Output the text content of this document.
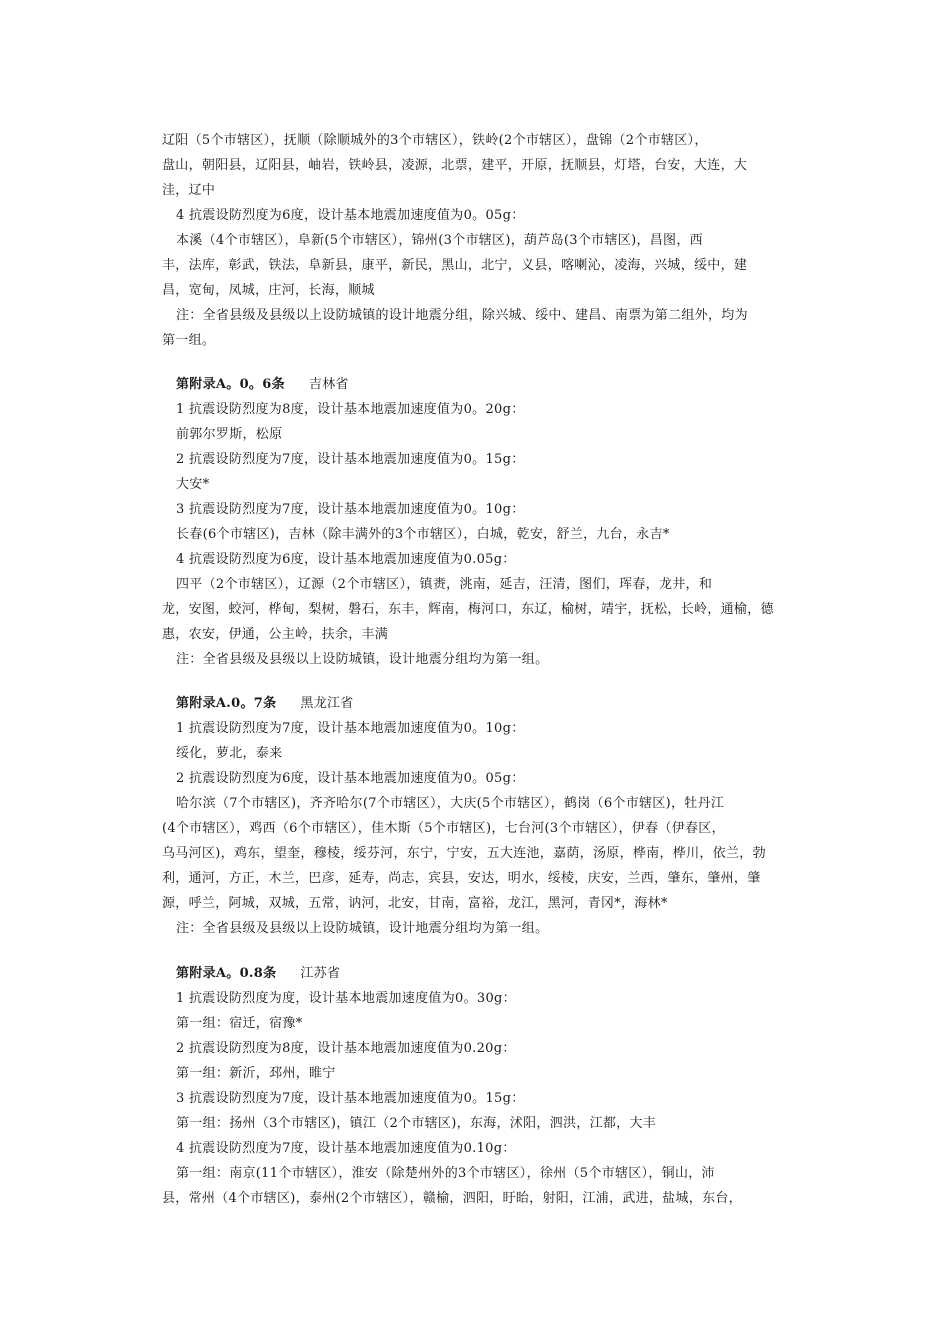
辽阳（5个市辖区），抚顺（除顺城外的3个市辖区），铁岭(2个市辖区），盘锦（2个市辖区），
盘山，朝阳县，辽阳县，岫岩，铁岭县，凌源，北票，建平，开原，抚顺县，灯塔，台安，大连，大
洼，辽中
4 抗震设防烈度为6度，设计基本地震加速度值为0。05g：
本溪（4个市辖区），阜新(5个市辖区），锦州(3个市辖区)，葫芦岛(3个市辖区)，昌图，西
丰，法库，彰武，铁法，阜新县，康平，新民，黑山，北宁，义县，喀喇沁，凌海，兴城，绥中，建
昌，宽甸，凤城，庄河，长海，顺城
注：全省县级及县级以上设防城镇的设计地震分组，除兴城、绥中、建昌、南票为第二组外，均为
第一组。
第附录A。0。6条 吉林省
1 抗震设防烈度为8度，设计基本地震加速度值为0。20g：
前郭尔罗斯，松原
2 抗震设防烈度为7度，设计基本地震加速度值为0。15g：
大安*
3 抗震设防烈度为7度，设计基本地震加速度值为0。10g：
长春(6个市辖区)，吉林（除丰满外的3个市辖区），白城，乾安，舒兰，九台，永吉*
4 抗震设防烈度为6度，设计基本地震加速度值为0.05g：
四平（2个市辖区），辽源（2个市辖区），镇赉，洮南，延吉，汪清，图们，珲春，龙井，和
龙，安图，蛟河，桦甸，梨树，磐石，东丰，辉南，梅河口，东辽，榆树，靖宇，抚松，长岭，通榆，德
惠，农安，伊通，公主岭，扶余，丰满
注：全省县级及县级以上设防城镇，设计地震分组均为第一组。
第附录A.0。7条 黑龙江省
1 抗震设防烈度为7度，设计基本地震加速度值为0。10g：
绥化，萝北，泰来
2 抗震设防烈度为6度，设计基本地震加速度值为0。05g：
哈尔滨（7个市辖区)，齐齐哈尔(7个市辖区），大庆(5个市辖区），鹤岗（6个市辖区)，牡丹江
(4个市辖区），鸡西（6个市辖区），佳木斯（5个市辖区)，七台河(3个市辖区），伊春（伊春区，
乌马河区)，鸡东，望奎，穆棱，绥芬河，东宁，宁安，五大连池，嘉荫，汤原，桦南，桦川，依兰，勃
利，通河，方正，木兰，巴彦，延寿，尚志，宾县，安达，明水，绥棱，庆安，兰西，肇东，肇州，肇
源，呼兰，阿城，双城，五常，讷河，北安，甘南，富裕，龙江，黑河，青冈*，海林*
注：全省县级及县级以上设防城镇，设计地震分组均为第一组。
第附录A。0.8条 江苏省
1 抗震设防烈度为度，设计基本地震加速度值为0。30g：
第一组：宿迁，宿豫*
2 抗震设防烈度为8度，设计基本地震加速度值为0.20g：
第一组：新沂，邳州，睢宁
3 抗震设防烈度为7度，设计基本地震加速度值为0。15g：
第一组：扬州（3个市辖区)，镇江（2个市辖区)，东海，沭阳，泗洪，江都，大丰
4 抗震设防烈度为7度，设计基本地震加速度值为0.10g：
第一组：南京(11个市辖区），淮安（除楚州外的3个市辖区），徐州（5个市辖区），铜山，沛
县，常州（4个市辖区)，泰州(2个市辖区），赣榆，泗阳，盱眙，射阳，江浦，武进，盐城，东台，
